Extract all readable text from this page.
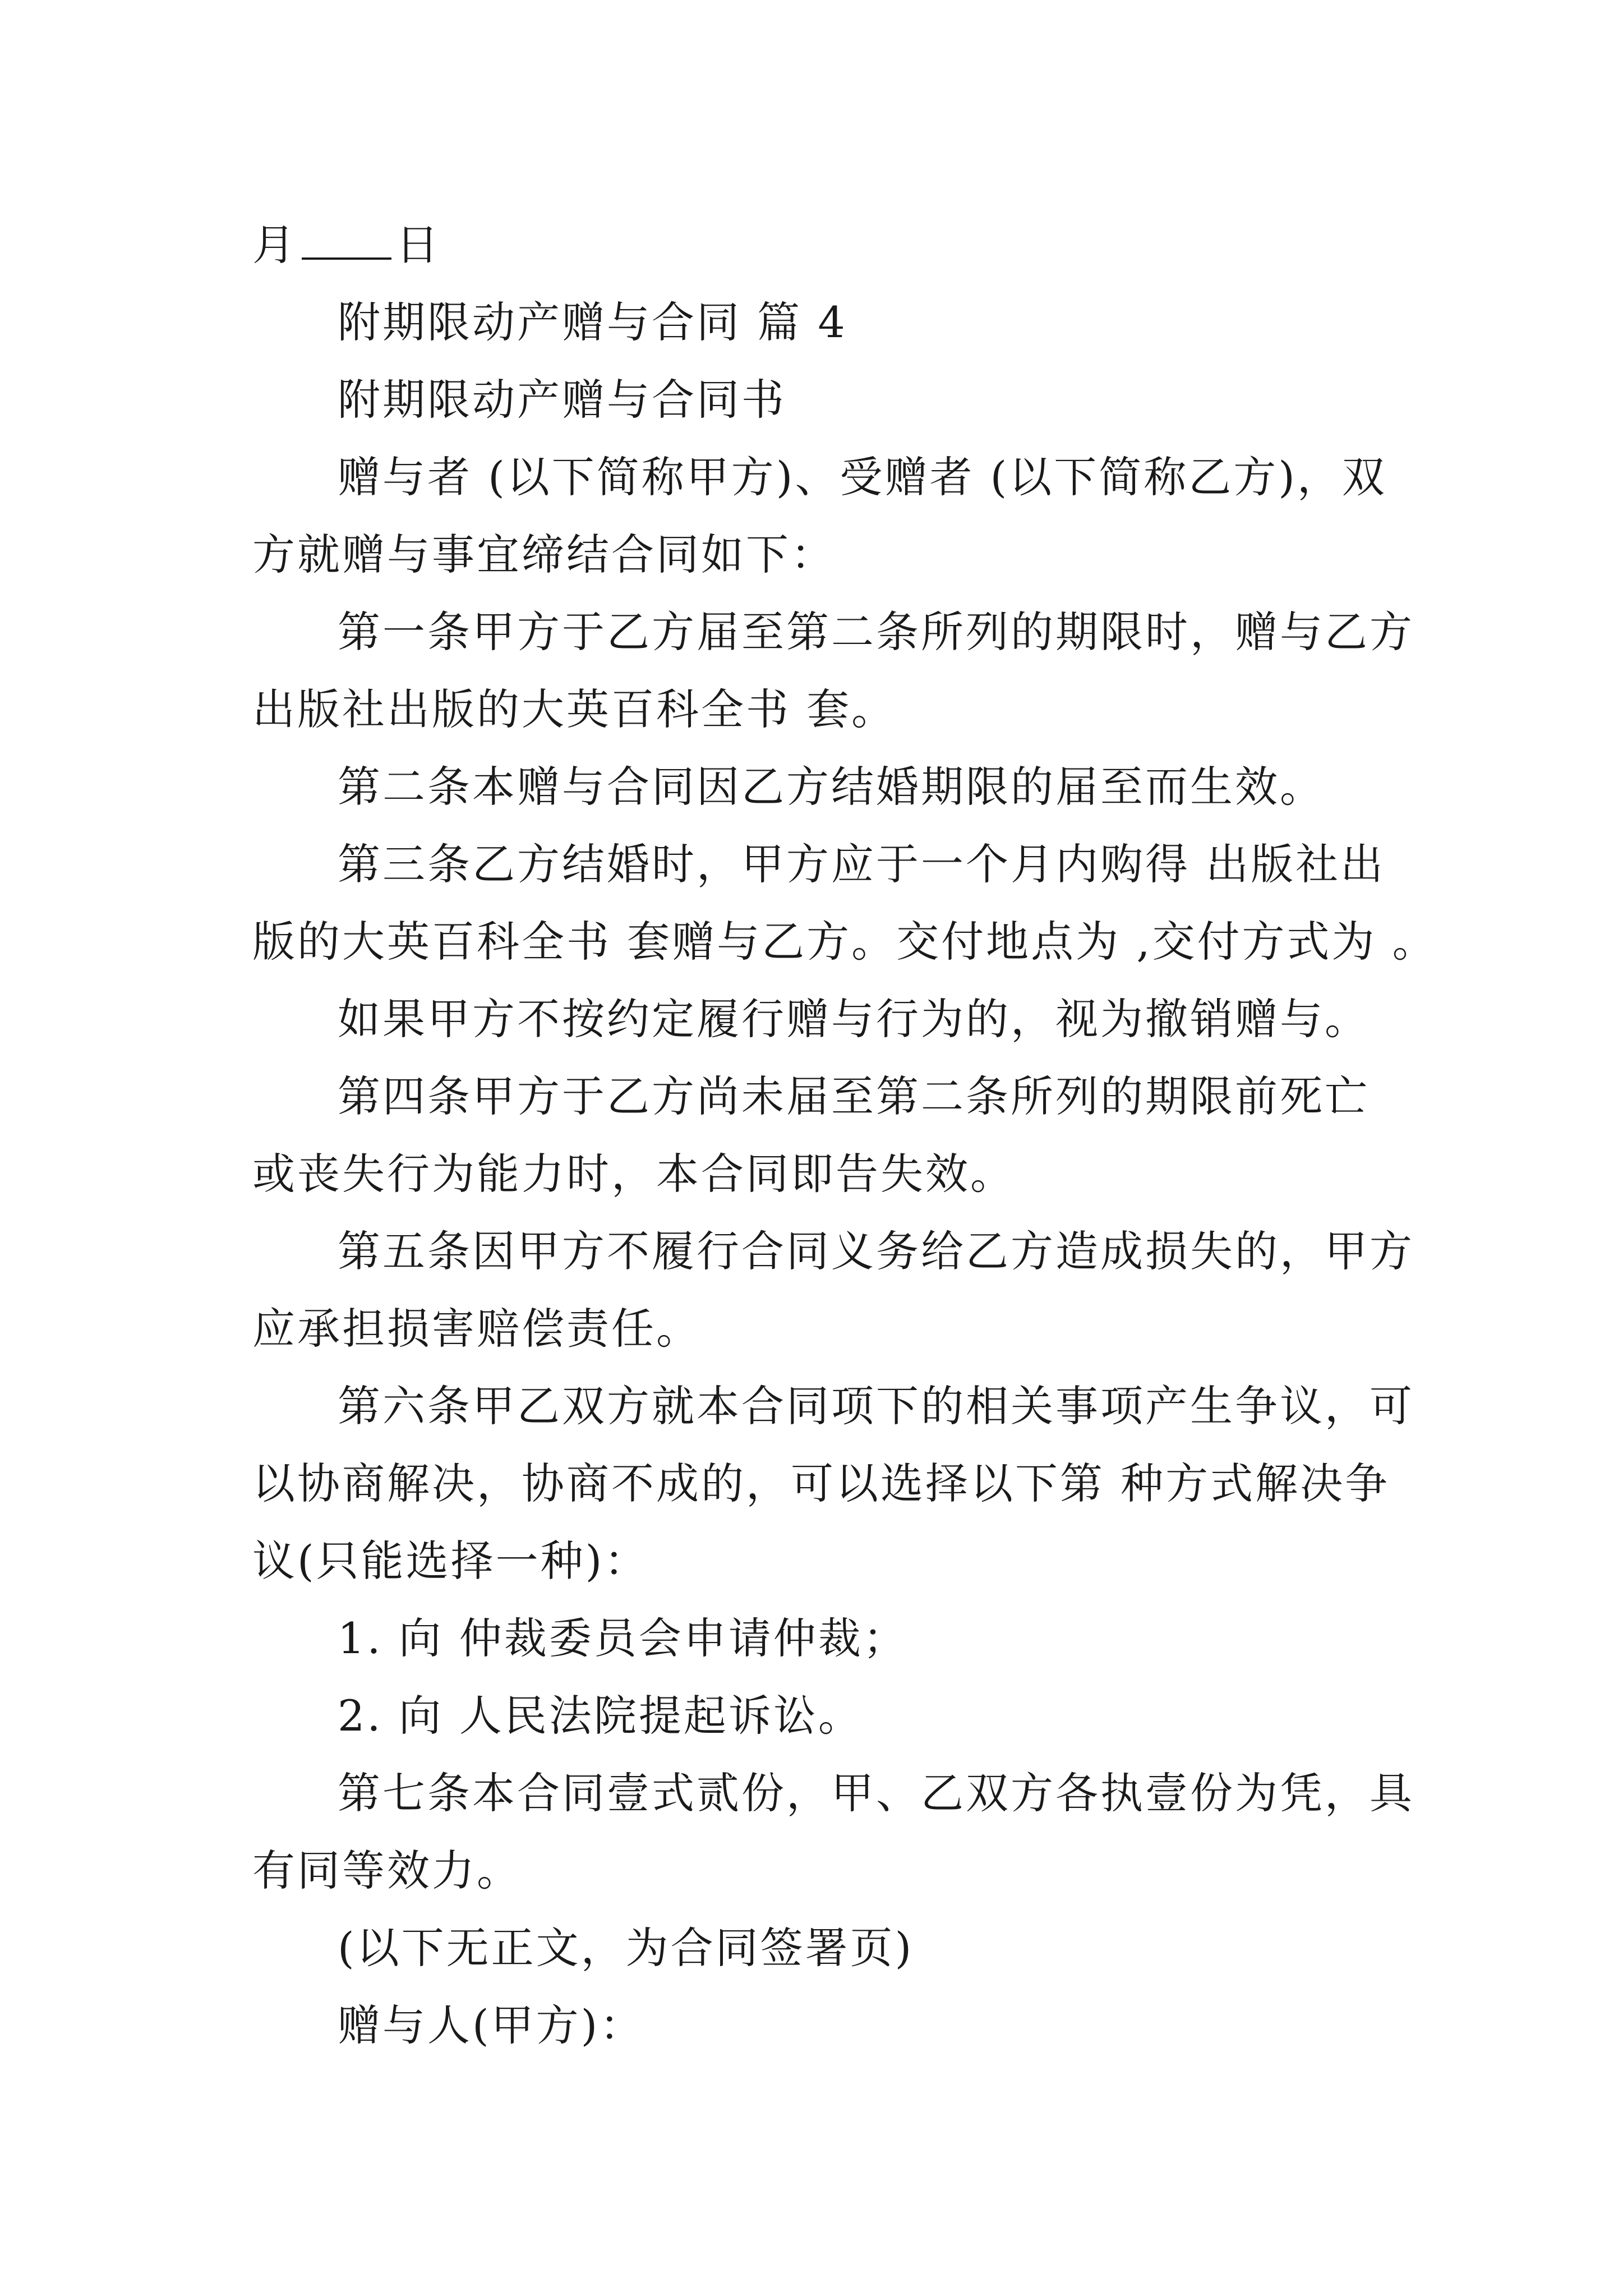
月 日
附期限动产赠与合同 篇 4
附期限动产赠与合同书
赠与者 (以下简称甲方)、受赠者 (以下简称乙方)，双
方就赠与事宜缔结合同如下：
第一条甲方于乙方届至第二条所列的期限时，赠与乙方
出版社出版的大英百科全书 套。
第二条本赠与合同因乙方结婚期限的届至而生效。
第三条乙方结婚时，甲方应于一个月内购得 出版社出
版的大英百科全书 套赠与乙方。交付地点为 ,交付方式为 。
如果甲方不按约定履行赠与行为的，视为撤销赠与。
第四条甲方于乙方尚未届至第二条所列的期限前死亡
或丧失行为能力时，本合同即告失效。
第五条因甲方不履行合同义务给乙方造成损失的，甲方
应承担损害赔偿责任。
第六条甲乙双方就本合同项下的相关事项产生争议，可
以协商解决，协商不成的，可以选择以下第 种方式解决争
议(只能选择一种)：
1. 向 仲裁委员会申请仲裁；
2. 向 人民法院提起诉讼。
第七条本合同壹式贰份，甲、乙双方各执壹份为凭，具
有同等效力。
(以下无正文，为合同签署页)
赠与人(甲方)：
